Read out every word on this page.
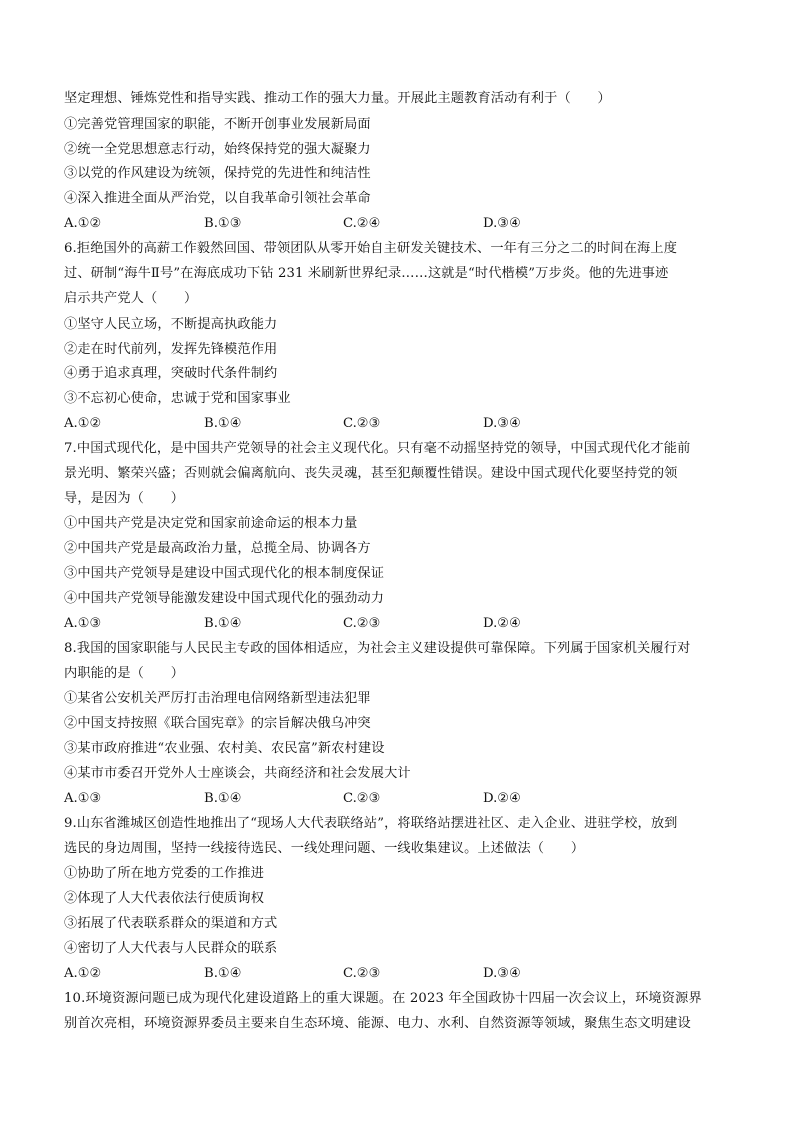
坚定理想、锤炼党性和指导实践、推动工作的强大力量。开展此主题教育活动有利于（　　）
①完善党管理国家的职能，不断开创事业发展新局面
②统一全党思想意志行动，始终保持党的强大凝聚力
③以党的作风建设为统领，保持党的先进性和纯洁性
④深入推进全面从严治党，以自我革命引领社会革命
A.①②	B.①③	C.②④	D.③④
6.拒绝国外的高薪工作毅然回国、带领团队从零开始自主研发关键技术、一年有三分之二的时间在海上度
过、研制“海牛Ⅱ号”在海底成功下钻 231 米刷新世界纪录……这就是“时代楷模”万步炎。他的先进事迹
启示共产党人（　　）
①坚守人民立场，不断提高执政能力
②走在时代前列，发挥先锋模范作用
④勇于追求真理，突破时代条件制约
③不忘初心使命，忠诚于党和国家事业
A.①②	B.①④	C.②③	D.③④
7.中国式现代化，是中国共产党领导的社会主义现代化。只有毫不动摇坚持党的领导，中国式现代化才能前
景光明、繁荣兴盛；否则就会偏离航向、丧失灵魂，甚至犯颠覆性错误。建设中国式现代化要坚持党的领
导，是因为（　　）
①中国共产党是决定党和国家前途命运的根本力量
②中国共产党是最高政治力量，总揽全局、协调各方
③中国共产党领导是建设中国式现代化的根本制度保证
④中国共产党领导能激发建设中国式现代化的强劲动力
A.①③	B.①④	C.②③	D.②④
8.我国的国家职能与人民民主专政的国体相适应，为社会主义建设提供可靠保障。下列属于国家机关履行对
内职能的是（　　）
①某省公安机关严厉打击治理电信网络新型违法犯罪
②中国支持按照《联合国宪章》的宗旨解决俄乌冲突
③某市政府推进“农业强、农村美、农民富”新农村建设
④某市市委召开党外人士座谈会，共商经济和社会发展大计
A.①③	B.①④	C.②③	D.②④
9.山东省潍城区创造性地推出了“现场人大代表联络站”，将联络站摆进社区、走入企业、进驻学校，放到
选民的身边周围，坚持一线接待选民、一线处理问题、一线收集建议。上述做法（　　）
①协助了所在地方党委的工作推进
②体现了人大代表依法行使质询权
③拓展了代表联系群众的渠道和方式
④密切了人大代表与人民群众的联系
A.①②	B.①④	C.②③	D.③④
10.环境资源问题已成为现代化建设道路上的重大课题。在 2023 年全国政协十四届一次会议上，环境资源界
别首次亮相，环境资源界委员主要来自生态环境、能源、电力、水利、自然资源等领域，聚焦生态文明建设
